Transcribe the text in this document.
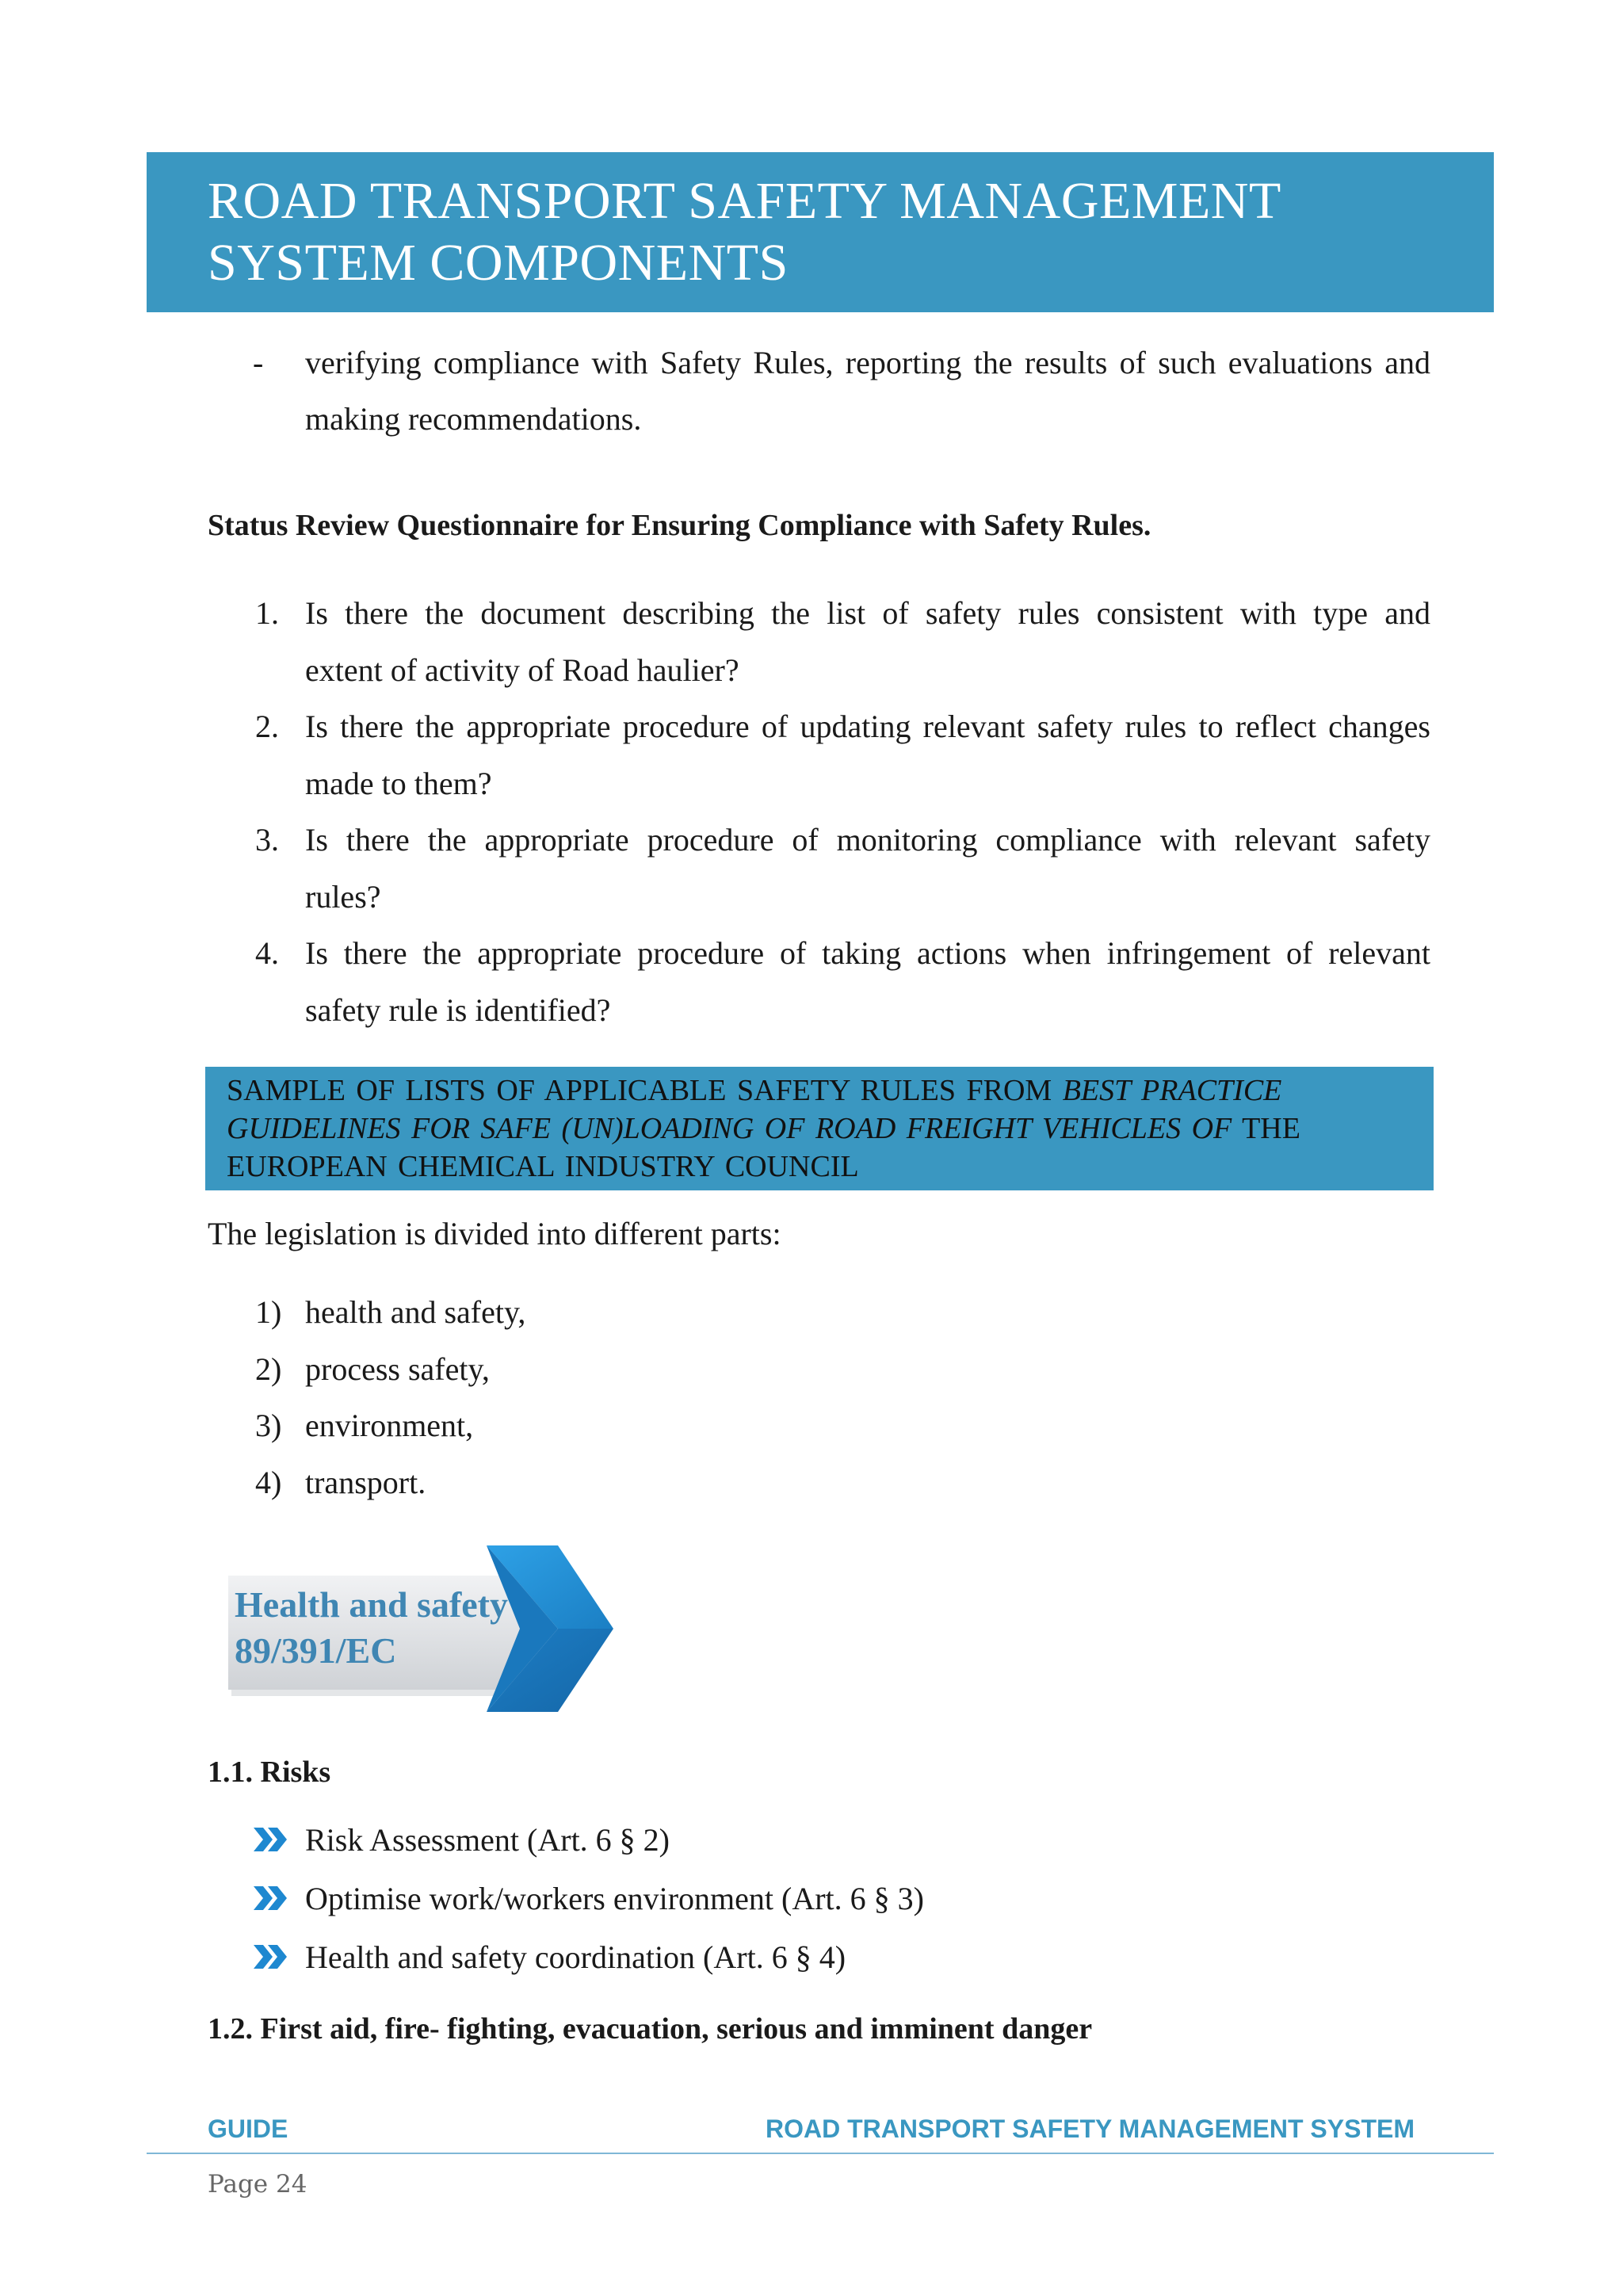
ROAD TRANSPORT SAFETY MANAGEMENT
SYSTEM COMPONENTS
- verifying compliance with Safety Rules, reporting the results of such evaluations and
making recommendations.
Status Review Questionnaire for Ensuring Compliance with Safety Rules.
1. Is there the document describing the list of safety rules consistent with type and
extent of activity of Road haulier?
2. Is there the appropriate procedure of updating relevant safety rules to reflect changes
made to them?
3. Is there the appropriate procedure of monitoring compliance with relevant safety
rules?
4. Is there the appropriate procedure of taking actions when infringement of relevant
safety rule is identified?
SAMPLE OF LISTS OF APPLICABLE SAFETY RULES FROM BEST PRACTICE
GUIDELINES FOR SAFE (UN)LOADING OF ROAD FREIGHT VEHICLES OF THE
EUROPEAN CHEMICAL INDUSTRY COUNCIL
The legislation is divided into different parts:
1) health and safety,
2) process safety,
3) environment,
4) transport.
Health and safety
89/391/EC
1.1. Risks
Risk Assessment (Art. 6 § 2)
Optimise work/workers environment (Art. 6 § 3)
Health and safety coordination (Art. 6 § 4)
1.2. First aid, fire- fighting, evacuation, serious and imminent danger
GUIDE	ROAD TRANSPORT SAFETY MANAGEMENT SYSTEM
Page 24
